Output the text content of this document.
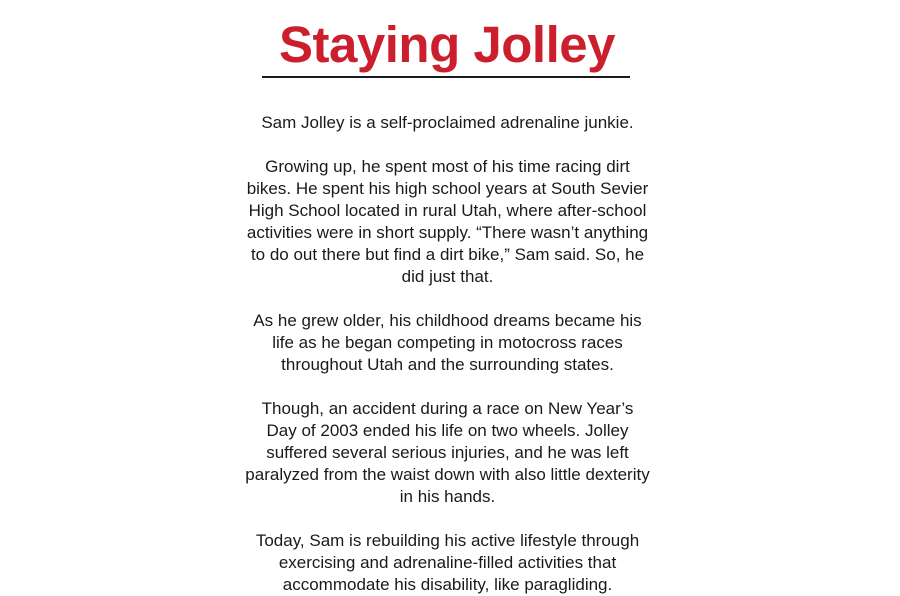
Staying Jolley

Sam Jolley is a self-proclaimed adrenaline junkie.

Growing up, he spent most of his time racing dirt bikes. He spent his high school years at South Sevier High School located in rural Utah, where after-school activities were in short supply. “There wasn’t anything to do out there but find a dirt bike,” Sam said. So, he did just that.

As he grew older, his childhood dreams became his life as he began competing in motocross races throughout Utah and the surrounding states.

Though, an accident during a race on New Year’s Day of 2003 ended his life on two wheels. Jolley suffered several serious injuries, and he was left paralyzed from the waist down with also little dexterity in his hands.

Today, Sam is rebuilding his active lifestyle through exercising and adrenaline-filled activities that accommodate his disability, like paragliding.
